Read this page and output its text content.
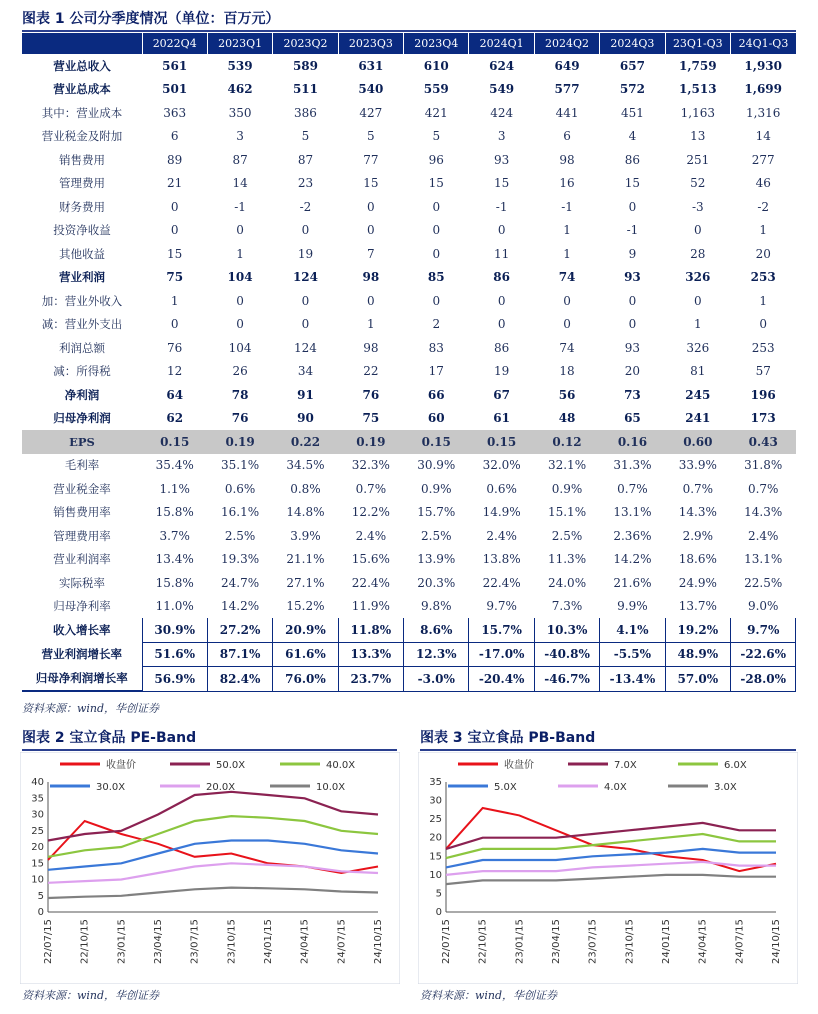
图表 1 公司分季度情况（单位：百万元）
	2022Q4	2023Q1	2023Q2	2023Q3	2023Q4	2024Q1	2024Q2	2024Q3	23Q1-Q3	24Q1-Q3
营业总收入	561	539	589	631	610	624	649	657	1,759	1,930
营业总成本	501	462	511	540	559	549	577	572	1,513	1,699
其中：营业成本	363	350	386	427	421	424	441	451	1,163	1,316
营业税金及附加	6	3	5	5	5	3	6	4	13	14
销售费用	89	87	87	77	96	93	98	86	251	277
管理费用	21	14	23	15	15	15	16	15	52	46
财务费用	0	-1	-2	0	0	-1	-1	0	-3	-2
投资净收益	0	0	0	0	0	0	1	-1	0	1
其他收益	15	1	19	7	0	11	1	9	28	20
营业利润	75	104	124	98	85	86	74	93	326	253
加：营业外收入	1	0	0	0	0	0	0	0	0	1
减：营业外支出	0	0	0	1	2	0	0	0	1	0
利润总额	76	104	124	98	83	86	74	93	326	253
减：所得税	12	26	34	22	17	19	18	20	81	57
净利润	64	78	91	76	66	67	56	73	245	196
归母净利润	62	76	90	75	60	61	48	65	241	173
EPS	0.15	0.19	0.22	0.19	0.15	0.15	0.12	0.16	0.60	0.43
毛利率	35.4%	35.1%	34.5%	32.3%	30.9%	32.0%	32.1%	31.3%	33.9%	31.8%
营业税金率	1.1%	0.6%	0.8%	0.7%	0.9%	0.6%	0.9%	0.7%	0.7%	0.7%
销售费用率	15.8%	16.1%	14.8%	12.2%	15.7%	14.9%	15.1%	13.1%	14.3%	14.3%
管理费用率	3.7%	2.5%	3.9%	2.4%	2.5%	2.4%	2.5%	2.36%	2.9%	2.4%
营业利润率	13.4%	19.3%	21.1%	15.6%	13.9%	13.8%	11.3%	14.2%	18.6%	13.1%
实际税率	15.8%	24.7%	27.1%	22.4%	20.3%	22.4%	24.0%	21.6%	24.9%	22.5%
归母净利率	11.0%	14.2%	15.2%	11.9%	9.8%	9.7%	7.3%	9.9%	13.7%	9.0%
收入增长率	30.9%	27.2%	20.9%	11.8%	8.6%	15.7%	10.3%	4.1%	19.2%	9.7%
营业利润增长率	51.6%	87.1%	61.6%	13.3%	12.3%	-17.0%	-40.8%	-5.5%	48.9%	-22.6%
归母净利润增长率	56.9%	82.4%	76.0%	23.7%	-3.0%	-20.4%	-46.7%	-13.4%	57.0%	-28.0%
资料来源：wind，华创证券
图表 2 宝立食品 PE-Band
0
5
10
15
20
25
30
35
40
22/07/15	22/10/15	23/01/15	23/04/15	23/07/15	23/10/15	24/01/15	24/04/15	24/07/15	24/10/15
收盘价	50.0X	40.0X
30.0X	20.0X	10.0X
资料来源：wind，华创证券
图表 3 宝立食品 PB-Band
0
5
10
15
20
25
30
35
22/07/15	22/10/15	23/01/15	23/04/15	23/07/15	23/10/15	24/01/15	24/04/15	24/07/15	24/10/15
收盘价	7.0X	6.0X
5.0X	4.0X	3.0X
资料来源：wind，华创证券
